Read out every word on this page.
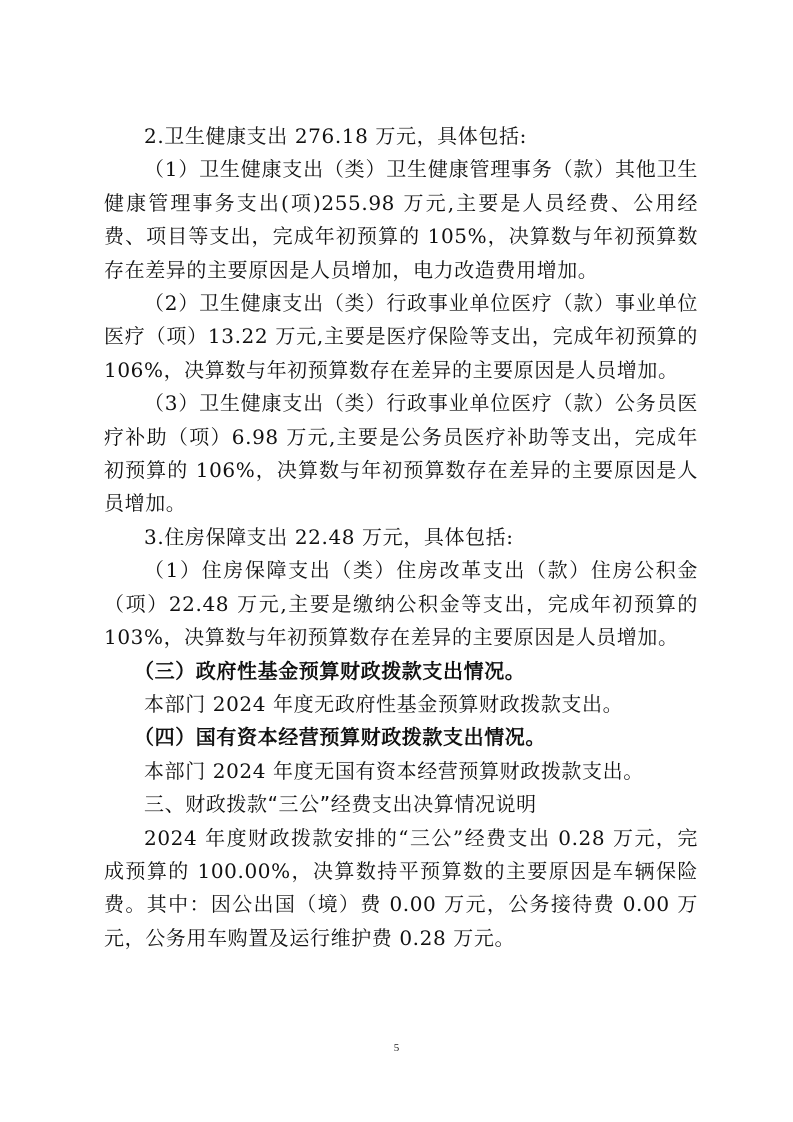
2.卫生健康支出 276.18 万元，具体包括:

（1）卫生健康支出（类）卫生健康管理事务（款）其他卫生健康管理事务支出(项)255.98 万元,主要是人员经费、公用经费、项目等支出，完成年初预算的 105%，决算数与年初预算数存在差异的主要原因是人员增加，电力改造费用增加。

（2）卫生健康支出（类）行政事业单位医疗（款）事业单位医疗（项）13.22 万元,主要是医疗保险等支出，完成年初预算的 106%，决算数与年初预算数存在差异的主要原因是人员增加。

（3）卫生健康支出（类）行政事业单位医疗（款）公务员医疗补助（项）6.98 万元,主要是公务员医疗补助等支出，完成年初预算的 106%，决算数与年初预算数存在差异的主要原因是人员增加。

3.住房保障支出 22.48 万元，具体包括:

（1）住房保障支出（类）住房改革支出（款）住房公积金（项）22.48 万元,主要是缴纳公积金等支出，完成年初预算的 103%，决算数与年初预算数存在差异的主要原因是人员增加。

（三）政府性基金预算财政拨款支出情况。

本部门 2024 年度无政府性基金预算财政拨款支出。

（四）国有资本经营预算财政拨款支出情况。

本部门 2024 年度无国有资本经营预算财政拨款支出。

三、财政拨款“三公”经费支出决算情况说明

2024 年度财政拨款安排的“三公”经费支出 0.28 万元，完成预算的 100.00%，决算数持平预算数的主要原因是车辆保险费。其中：因公出国（境）费 0.00 万元，公务接待费 0.00 万元，公务用车购置及运行维护费 0.28 万元。

5
